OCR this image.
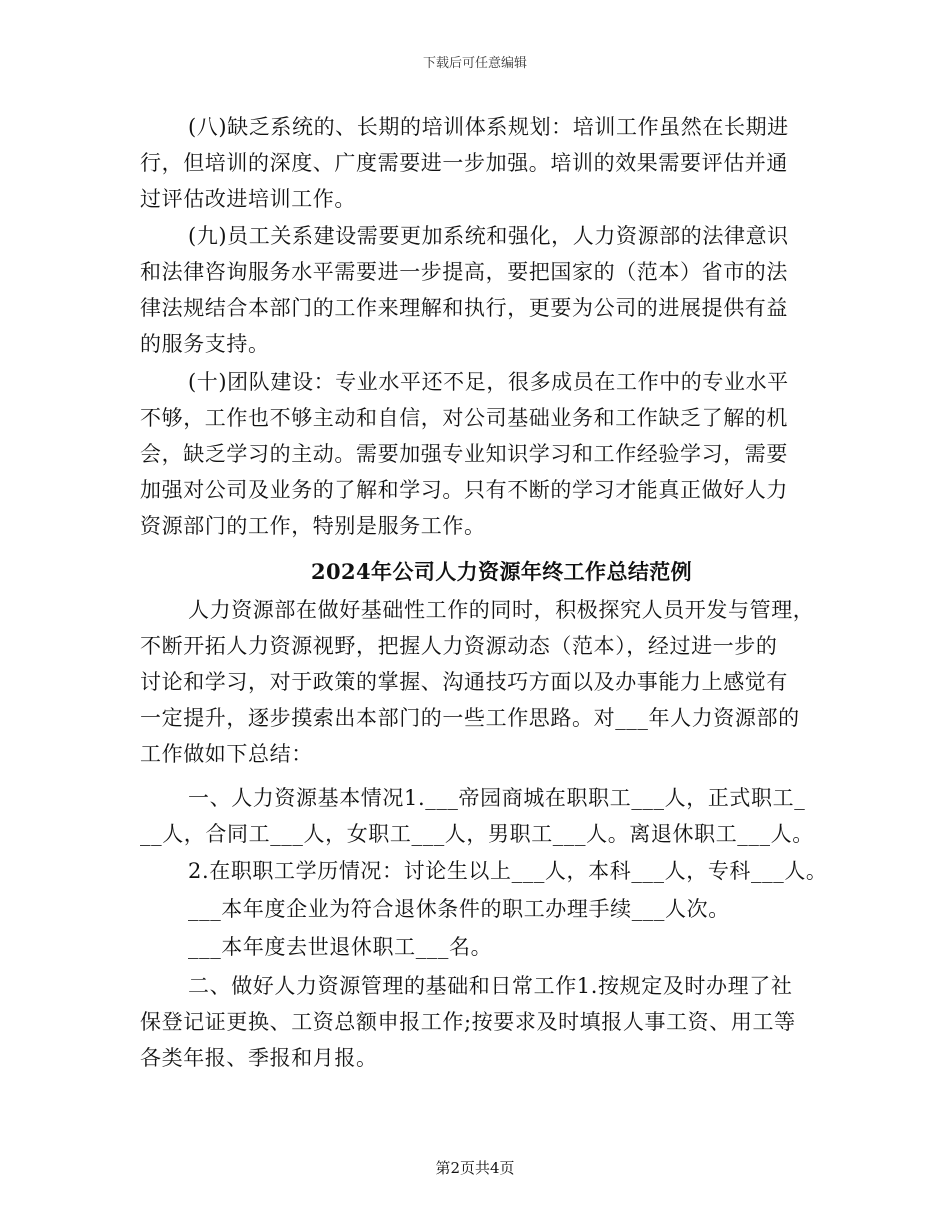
下载后可任意编辑
(八)缺乏系统的、长期的培训体系规划：培训工作虽然在长期进
行，但培训的深度、广度需要进一步加强。培训的效果需要评估并通
过评估改进培训工作。
(九)员工关系建设需要更加系统和强化，人力资源部的法律意识
和法律咨询服务水平需要进一步提高，要把国家的（范本）省市的法
律法规结合本部门的工作来理解和执行，更要为公司的进展提供有益
的服务支持。
(十)团队建设：专业水平还不足，很多成员在工作中的专业水平
不够，工作也不够主动和自信，对公司基础业务和工作缺乏了解的机
会，缺乏学习的主动。需要加强专业知识学习和工作经验学习，需要
加强对公司及业务的了解和学习。只有不断的学习才能真正做好人力
资源部门的工作，特别是服务工作。
2024年公司人力资源年终工作总结范例
人力资源部在做好基础性工作的同时，积极探究人员开发与管理，
不断开拓人力资源视野，把握人力资源动态（范本），经过进一步的
讨论和学习，对于政策的掌握、沟通技巧方面以及办事能力上感觉有
一定提升，逐步摸索出本部门的一些工作思路。对___年人力资源部的
工作做如下总结：
一、人力资源基本情况1.___帝园商城在职职工___人，正式职工_
__人，合同工___人，女职工___人，男职工___人。离退休职工___人。
2.在职职工学历情况：讨论生以上___人，本科___人，专科___人。
___本年度企业为符合退休条件的职工办理手续___人次。
___本年度去世退休职工___名。
二、做好人力资源管理的基础和日常工作1.按规定及时办理了社
保登记证更换、工资总额申报工作;按要求及时填报人事工资、用工等
各类年报、季报和月报。
第2页共4页
